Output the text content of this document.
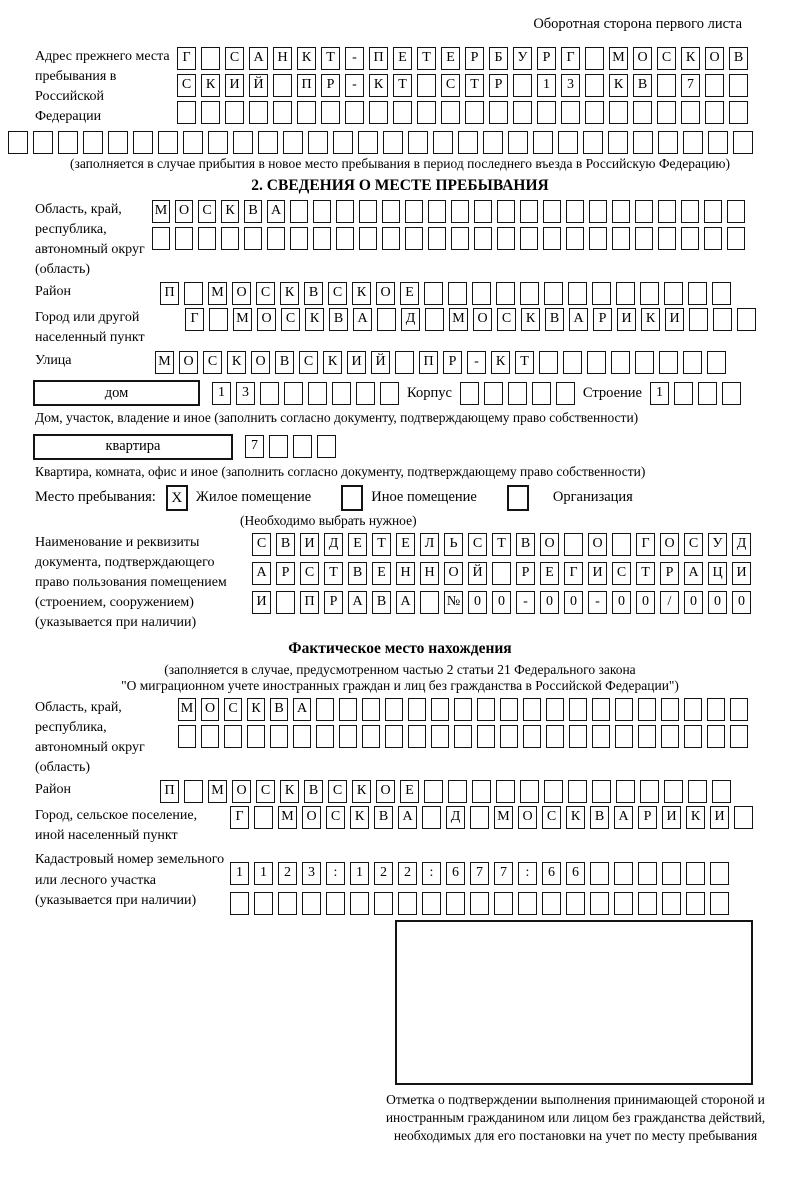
Оборотная сторона первого листа
Адрес прежнего места пребывания в Российской Федерации
Г	С	А Н	К	Т	-	П	Е	Т	Е	Р	Б	У	Р	Г	М О	С	К	О	В
С	К	И Й	П	Р	-	К	Т	С	Т	Р	1	3	К	В	7
(заполняется в случае прибытия в новое место пребывания в период последнего въезда в Российскую Федерацию)
2. СВЕДЕНИЯ О МЕСТЕ ПРЕБЫВАНИЯ
Область, край, республика, автономный округ (область)
М О С К В А
Район	П	М О	С	К	В	С	К	О	Е
Город или другой населенный пункт
Г	М О	С	К	В	А	Д	М О	С	К	В	А	Р	И	К	И
Улица	М О	С	К	О	В	С	К	И Й	П	Р	-	К	Т
дом	1	3	Корпус	Строение	1
Дом, участок, владение и иное (заполнить согласно документу, подтверждающему право собственности)
квартира	7
Квартира, комната, офис и иное (заполнить согласно документу, подтверждающему право собственности)
Место пребывания:	X Жилое помещение	Иное помещение	Организация
(Необходимо выбрать нужное)
Наименование и реквизиты документа, подтверждающего право пользования помещением (строением, сооружением) (указывается при наличии)
С	В	И	Д	Е	Т	Е	Л	Ь	С	Т	В	О	О	Г	О	С	У	Д
А	Р	С	Т	В	Е	Н Н О Й	Р	Е	Г	И	С	Т	Р	А Ц И
И	П	Р	А	В	А	№ 0	0	-	0	0	-	0	0	/	0	0	0
Фактическое место нахождения
(заполняется в случае, предусмотренном частью 2 статьи 21 Федерального закона
"О миграционном учете иностранных граждан и лиц без гражданства в Российской Федерации")
Область, край, республика, автономный округ (область)
М О С К В А
Район	П	М О	С	К	В	С	К	О	Е
Город, сельское поселение, иной населенный пункт
Г	М О	С	К	В	А	Д	М О	С	К	В	А	Р	И	К	И
Кадастровый номер земельного или лесного участка (указывается при наличии)
1	1	2	3	:	1	2	2	:	6	7	7	:	6	6
Отметка о подтверждении выполнения принимающей стороной и иностранным гражданином или лицом без гражданства действий, необходимых для его постановки на учет по месту пребывания
